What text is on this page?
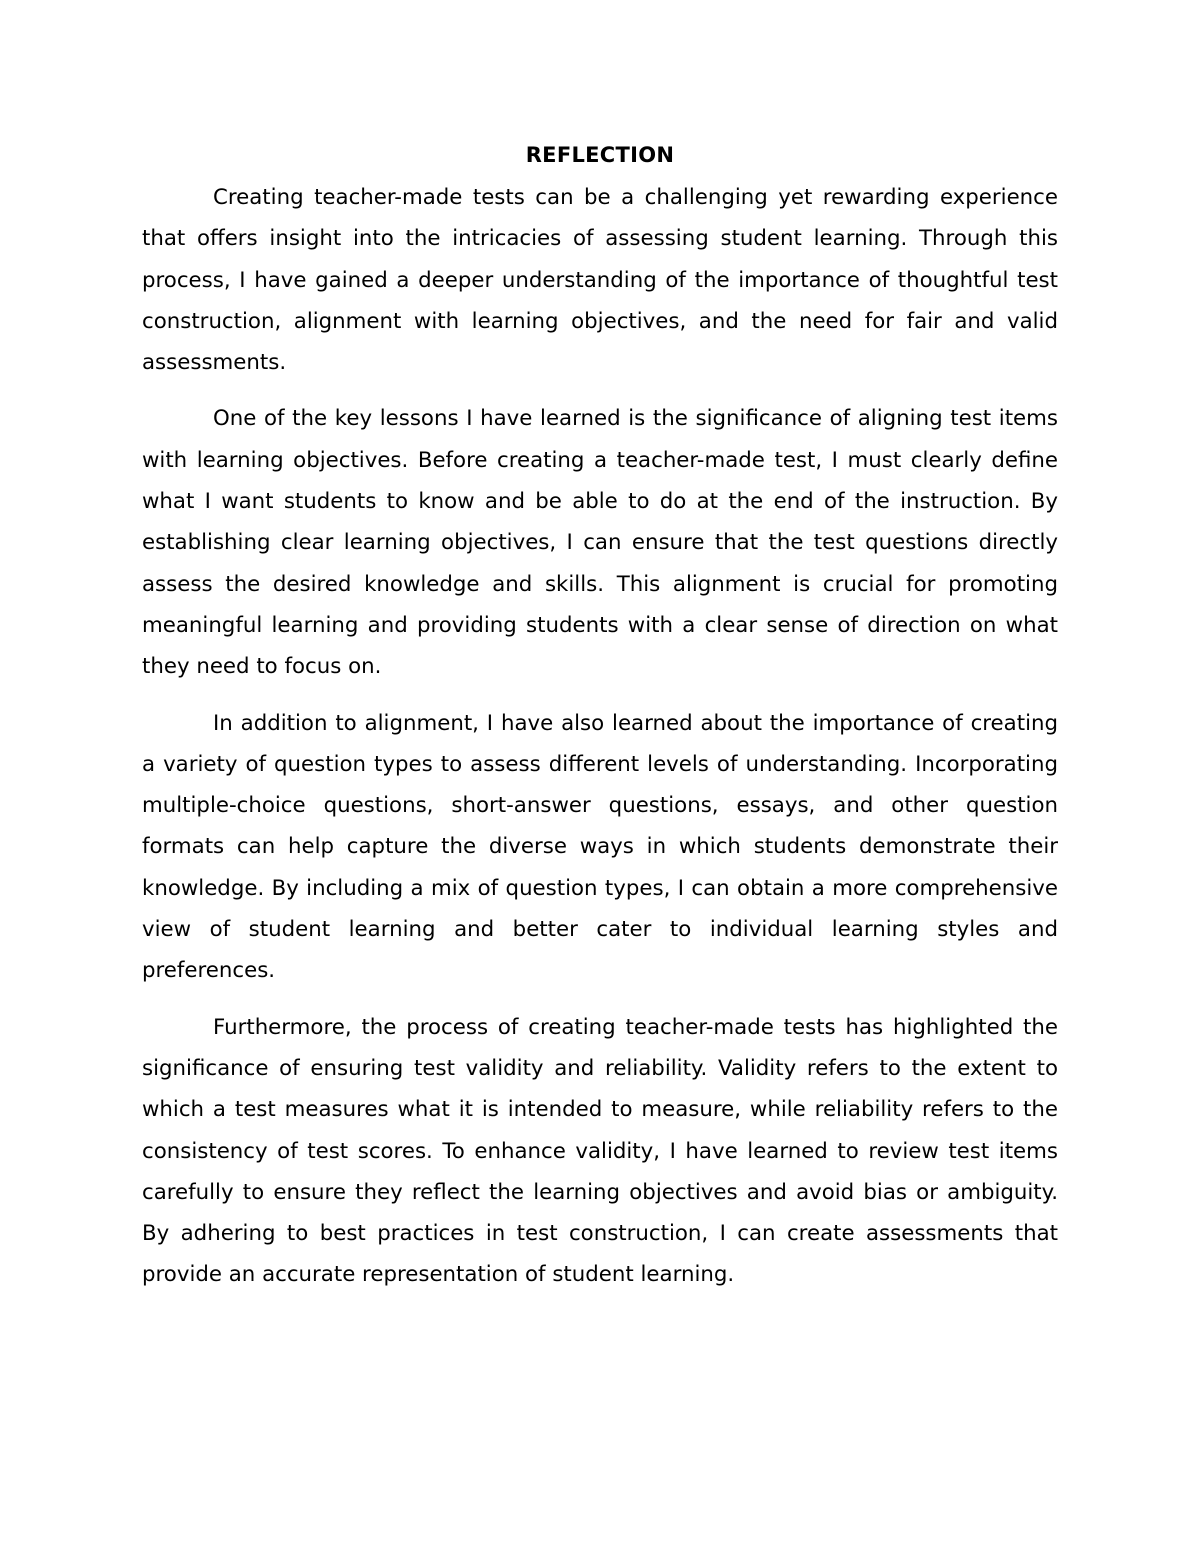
REFLECTION

Creating teacher-made tests can be a challenging yet rewarding experience that offers insight into the intricacies of assessing student learning. Through this process, I have gained a deeper understanding of the importance of thoughtful test construction, alignment with learning objectives, and the need for fair and valid assessments.

One of the key lessons I have learned is the significance of aligning test items with learning objectives. Before creating a teacher-made test, I must clearly define what I want students to know and be able to do at the end of the instruction. By establishing clear learning objectives, I can ensure that the test questions directly assess the desired knowledge and skills. This alignment is crucial for promoting meaningful learning and providing students with a clear sense of direction on what they need to focus on.

In addition to alignment, I have also learned about the importance of creating a variety of question types to assess different levels of understanding. Incorporating multiple-choice questions, short-answer questions, essays, and other question formats can help capture the diverse ways in which students demonstrate their knowledge. By including a mix of question types, I can obtain a more comprehensive view of student learning and better cater to individual learning styles and preferences.

Furthermore, the process of creating teacher-made tests has highlighted the significance of ensuring test validity and reliability. Validity refers to the extent to which a test measures what it is intended to measure, while reliability refers to the consistency of test scores. To enhance validity, I have learned to review test items carefully to ensure they reflect the learning objectives and avoid bias or ambiguity. By adhering to best practices in test construction, I can create assessments that provide an accurate representation of student learning.
